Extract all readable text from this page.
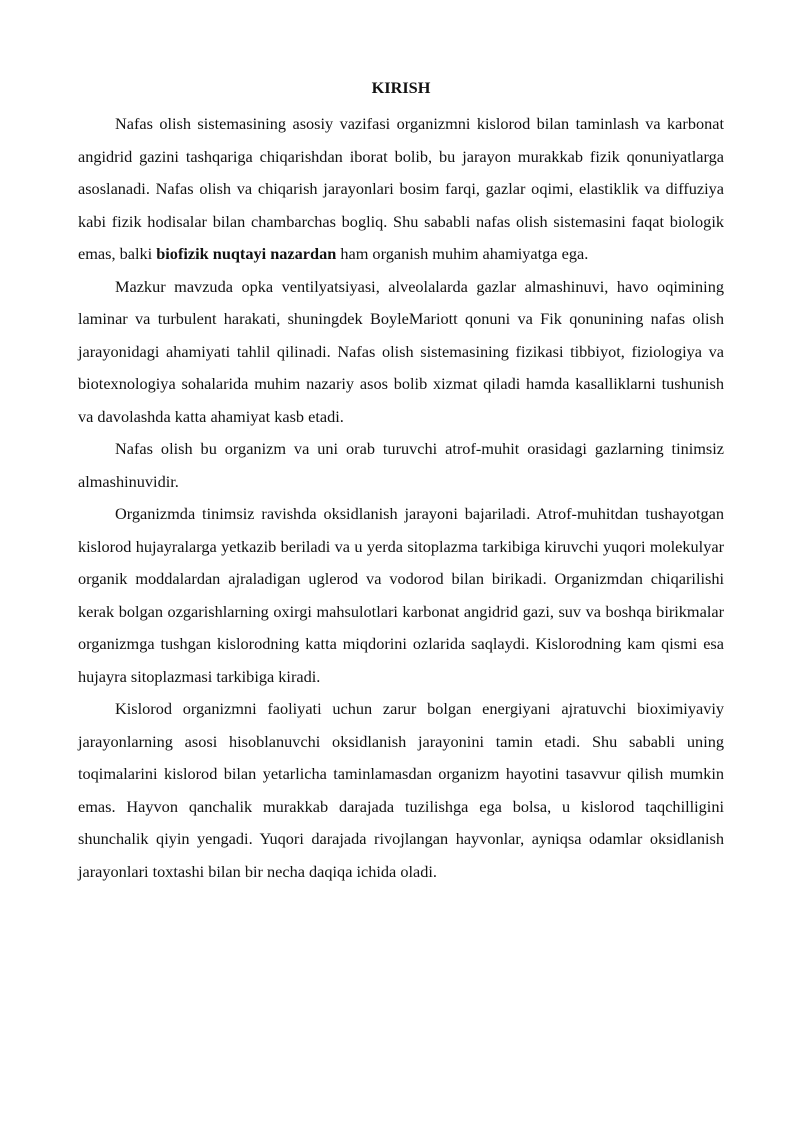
KIRISH

Nafas olish sistemasining asosiy vazifasi organizmni kislorod bilan taminlash va karbonat angidrid gazini tashqariga chiqarishdan iborat bolib, bu jarayon murakkab fizik qonuniyatlarga asoslanadi. Nafas olish va chiqarish jarayonlari bosim farqi, gazlar oqimi, elastiklik va diffuziya kabi fizik hodisalar bilan chambarchas bogliq. Shu sababli nafas olish sistemasini faqat biologik emas, balki biofizik nuqtayi nazardan ham organish muhim ahamiyatga ega.

Mazkur mavzuda opka ventilyatsiyasi, alveolalarda gazlar almashinuvi, havo oqimining laminar va turbulent harakati, shuningdek BoyleMariott qonuni va Fik qonunining nafas olish jarayonidagi ahamiyati tahlil qilinadi. Nafas olish sistemasining fizikasi tibbiyot, fiziologiya va biotexnologiya sohalarida muhim nazariy asos bolib xizmat qiladi hamda kasalliklarni tushunish va davolashda katta ahamiyat kasb etadi.

Nafas olish bu organizm va uni orab turuvchi atrof-muhit orasidagi gazlarning tinimsiz almashinuvidir.

Organizmda tinimsiz ravishda oksidlanish jarayoni bajariladi. Atrof-muhitdan tushayotgan kislorod hujayralarga yetkazib beriladi va u yerda sitoplazma tarkibiga kiruvchi yuqori molekulyar organik moddalardan ajraladigan uglerod va vodorod bilan birikadi. Organizmdan chiqarilishi kerak bolgan ozgarishlarning oxirgi mahsulotlari karbonat angidrid gazi, suv va boshqa birikmalar organizmga tushgan kislorodning katta miqdorini ozlarida saqlaydi. Kislorodning kam qismi esa hujayra sitoplazmasi tarkibiga kiradi.

Kislorod organizmni faoliyati uchun zarur bolgan energiyani ajratuvchi bioximiyaviy jarayonlarning asosi hisoblanuvchi oksidlanish jarayonini tamin etadi. Shu sababli uning toqimalarini kislorod bilan yetarlicha taminlamasdan organizm hayotini tasavvur qilish mumkin emas. Hayvon qanchalik murakkab darajada tuzilishga ega bolsa, u kislorod taqchilligini shunchalik qiyin yengadi. Yuqori darajada rivojlangan hayvonlar, ayniqsa odamlar oksidlanish jarayonlari toxtashi bilan bir necha daqiqa ichida oladi.
